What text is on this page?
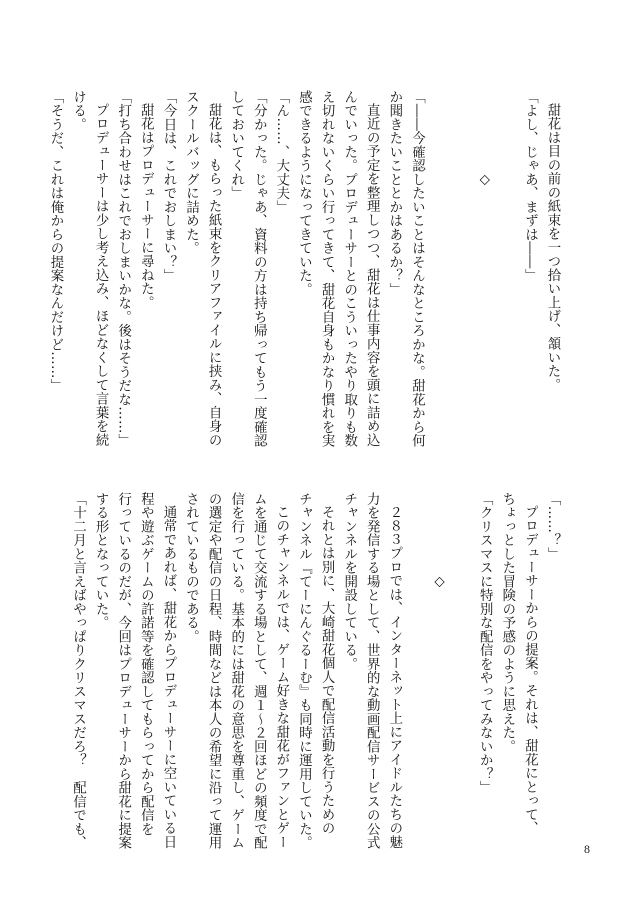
甜花は目の前の紙束を一つ拾い上げ、頷いた。
「よし、じゃあ、まずは――」
　　　　　　◇
「――今確認したいことはそんなところかな。甜花から何
か聞きたいこととかはあるか？」
直近の予定を整理しつつ、甜花は仕事内容を頭に詰め込
んでいった。プロデューサーとのこういったやり取りも数
え切れないくらい行ってきて、甜花自身もかなり慣れを実
感できるようになってきていた。
「ん……、大丈夫」
「分かった。じゃあ、資料の方は持ち帰ってもう一度確認
しておいてくれ」
甜花は、もらった紙束をクリアファイルに挟み、自身の
スクールバッグに詰めた。
「今日は、これでおしまい？」
甜花はプロデューサーに尋ねた。
「打ち合わせはこれでおしまいかな。後はそうだな……」
プロデューサーは少し考え込み、ほどなくして言葉を続
ける。
「そうだ、これは俺からの提案なんだけど……」
「……？」
プロデューサーからの提案。それは、甜花にとって、
ちょっとした冒険の予感のように思えた。
「クリスマスに特別な配信をやってみないか？」
　　　　　　◇
２８３プロでは、インターネット上にアイドルたちの魅
力を発信する場として、世界的な動画配信サービスの公式
チャンネルを開設している。
それとは別に、大崎甜花個人で配信活動を行うための
チャンネル『てーにんぐるーむ』も同時に運用していた。
このチャンネルでは、ゲーム好きな甜花がファンとゲー
ムを通じて交流する場として、週１～２回ほどの頻度で配
信を行っている。基本的には甜花の意思を尊重し、ゲーム
の選定や配信の日程、時間などは本人の希望に沿って運用
されているものである。
通常であれば、甜花からプロデューサーに空いている日
程や遊ぶゲームの許諾等を確認してもらってから配信を
行っているのだが、今回はプロデューサーから甜花に提案
する形となっていた。
「十二月と言えばやっぱりクリスマスだろ？　配信でも、	8
